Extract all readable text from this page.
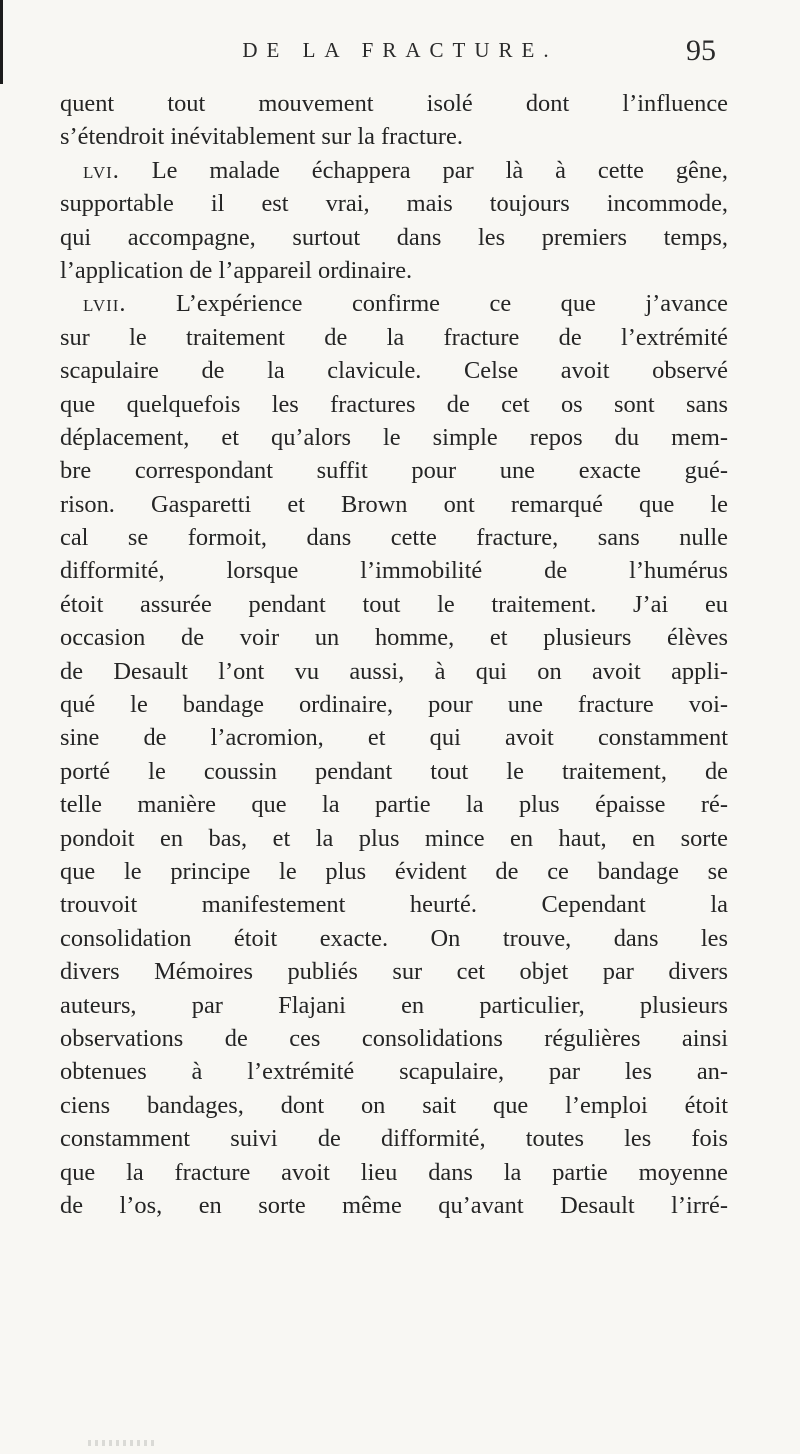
DE LA FRACTURE.	95
quent tout mouvement isolé dont l’influence
s’étendroit inévitablement sur la fracture.
lvi. Le malade échappera par là à cette gêne,
supportable il est vrai, mais toujours incommode,
qui accompagne, surtout dans les premiers temps,
l’application de l’appareil ordinaire.
lvii. L’expérience confirme ce que j’avance
sur le traitement de la fracture de l’extrémité
scapulaire de la clavicule. Celse avoit observé
que quelquefois les fractures de cet os sont sans
déplacement, et qu’alors le simple repos du mem-
bre correspondant suffit pour une exacte gué-
rison. Gasparetti et Brown ont remarqué que le
cal se formoit, dans cette fracture, sans nulle
difformité, lorsque l’immobilité de l’humérus
étoit assurée pendant tout le traitement. J’ai eu
occasion de voir un homme, et plusieurs élèves
de Desault l’ont vu aussi, à qui on avoit appli-
qué le bandage ordinaire, pour une fracture voi-
sine de l’acromion, et qui avoit constamment
porté le coussin pendant tout le traitement, de
telle manière que la partie la plus épaisse ré-
pondoit en bas, et la plus mince en haut, en sorte
que le principe le plus évident de ce bandage se
trouvoit manifestement heurté. Cependant la
consolidation étoit exacte. On trouve, dans les
divers Mémoires publiés sur cet objet par divers
auteurs, par Flajani en particulier, plusieurs
observations de ces consolidations régulières ainsi
obtenues à l’extrémité scapulaire, par les an-
ciens bandages, dont on sait que l’emploi étoit
constamment suivi de difformité, toutes les fois
que la fracture avoit lieu dans la partie moyenne
de l’os, en sorte même qu’avant Desault l’irré-
